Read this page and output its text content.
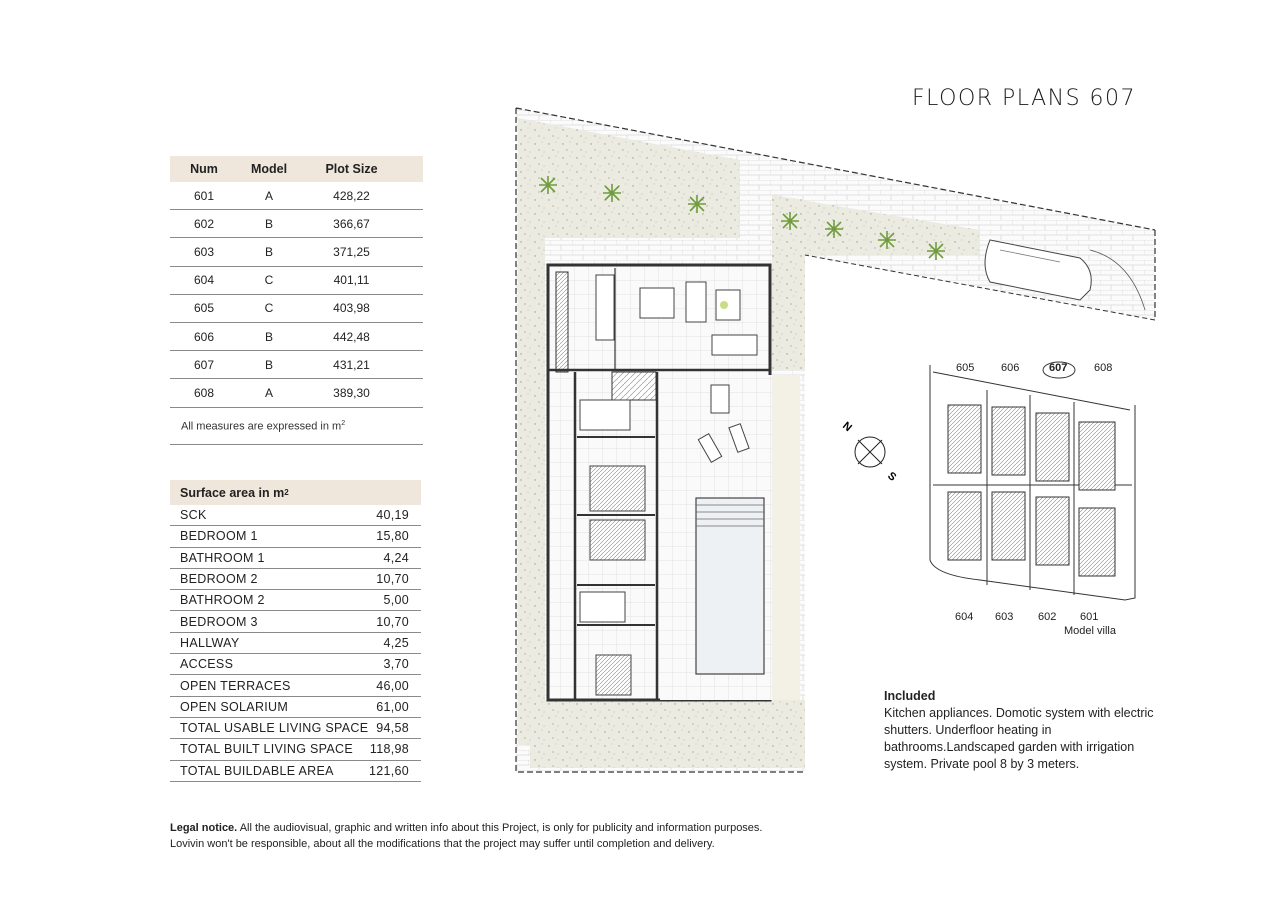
FLOOR PLANS 607
Num	Model	Plot Size
601	A	428,22
602	B	366,67
603	B	371,25
604	C	401,11
605	C	403,98
606	B	442,48
607	B	431,21
608	A	389,30
All measures are expressed in $m^2$
Surface area in m 2
SCK	40,19
BEDROOM 1	15,80
BATHROOM 1	4,24
BEDROOM 2	10,70
BATHROOM 2	5,00
BEDROOM 3	10,70
HALLWAY	4,25
ACCESS	3,70
OPEN TERRACES	46,00
OPEN SOLARIUM	61,00
TOTAL USABLE LIVING SPACE 94,58
TOTAL BUILT LIVING SPACE 118,98
TOTAL BUILDABLE AREA	121,60
N
S
605 606	607 608
604 603 602 601
Model villa
Included
Kitchen appliances. Domotic system with electric shutters. Underfloor heating in bathrooms.Landscaped garden with irrigation system. Private pool 8 by 3 meters.
Legal notice. All the audiovisual, graphic and written info about this Project, is only for publicity and information purposes.
Lovivin won't be responsible, about all the modifications that the project may suffer until completion and delivery.
